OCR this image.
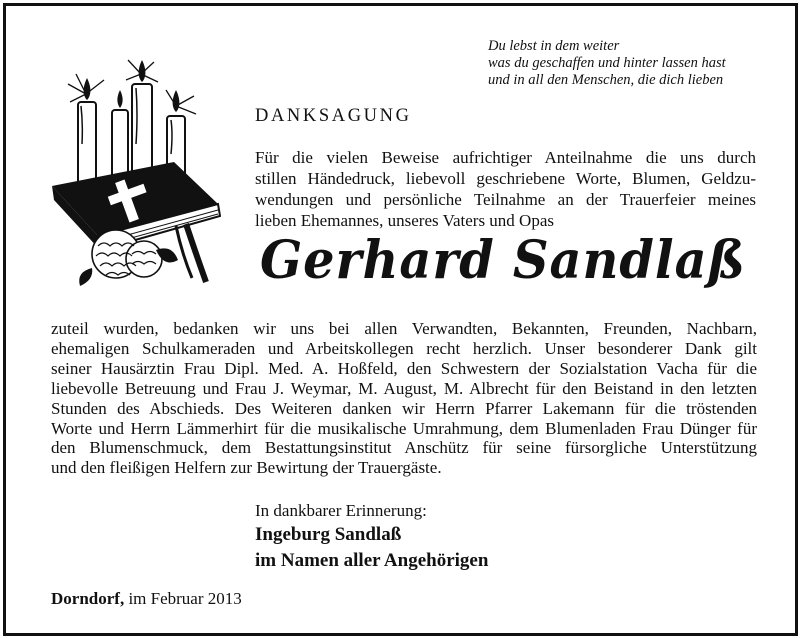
Du lebst in dem weiter
was du geschaffen und hinter lassen hast
und in all den Menschen, die dich lieben
DANKSAGUNG
Für die vielen Beweise aufrichtiger Anteilnahme die uns durch
stillen Händedruck, liebevoll geschriebene Worte, Blumen, Geldzu-
wendungen und persönliche Teilnahme an der Trauerfeier meines
lieben Ehemannes, unseres Vaters und Opas
Gerhard Sandlaß
zuteil wurden, bedanken wir uns bei allen Verwandten, Bekannten, Freunden, Nachbarn,
ehemaligen Schulkameraden und Arbeitskollegen recht herzlich. Unser besonderer Dank gilt
seiner Hausärztin Frau Dipl. Med. A. Hoßfeld, den Schwestern der Sozialstation Vacha für die
liebevolle Betreuung und Frau J. Weymar, M. August, M. Albrecht für den Beistand in den letzten
Stunden des Abschieds. Des Weiteren danken wir Herrn Pfarrer Lakemann für die tröstenden
Worte und Herrn Lämmerhirt für die musikalische Umrahmung, dem Blumenladen Frau Dünger für
den Blumenschmuck, dem Bestattungsinstitut Anschütz für seine fürsorgliche Unterstützung
und den fleißigen Helfern zur Bewirtung der Trauergäste.
In dankbarer Erinnerung:
Ingeburg Sandlaß
im Namen aller Angehörigen
Dorndorf, im Februar 2013
